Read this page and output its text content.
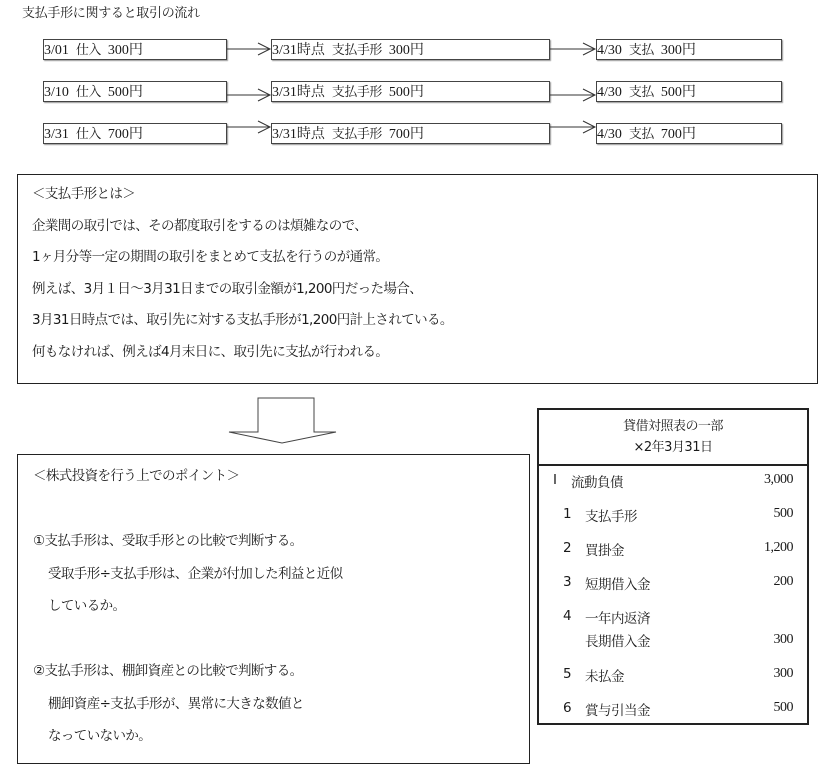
支払手形に関すると取引の流れ
3/01 仕入 300円	3/31時点 支払手形 300円	4/30 支払 300円
3/10 仕入 500円	3/31時点 支払手形 500円	4/30 支払 500円
3/31 仕入 700円	3/31時点 支払手形 700円	4/30 支払 700円
＜支払手形とは＞
企業間の取引では、その都度取引をするのは煩雑なので、
1ヶ月分等一定の期間の取引をまとめて支払を行うのが通常。
例えば、3月１日～3月31日までの取引金額が1,200円だった場合、
3月31日時点では、取引先に対する支払手形が1,200円計上されている。
何もなければ、例えば4月末日に、取引先に支払が行われる。
＜株式投資を行う上でのポイント＞
①支払手形は、受取手形との比較で判断する。
受取手形÷支払手形は、企業が付加した利益と近似
しているか。
②支払手形は、棚卸資産との比較で判断する。
棚卸資産÷支払手形が、異常に大きな数値と
なっていないか。
貸借対照表の一部
×2年3月31日
Ⅰ 流動負債	3,000
1 支払手形	500
2 買掛金	1,200
3 短期借入金	200
4 一年内返済
長期借入金	300
5 未払金	300
6 賞与引当金	500
